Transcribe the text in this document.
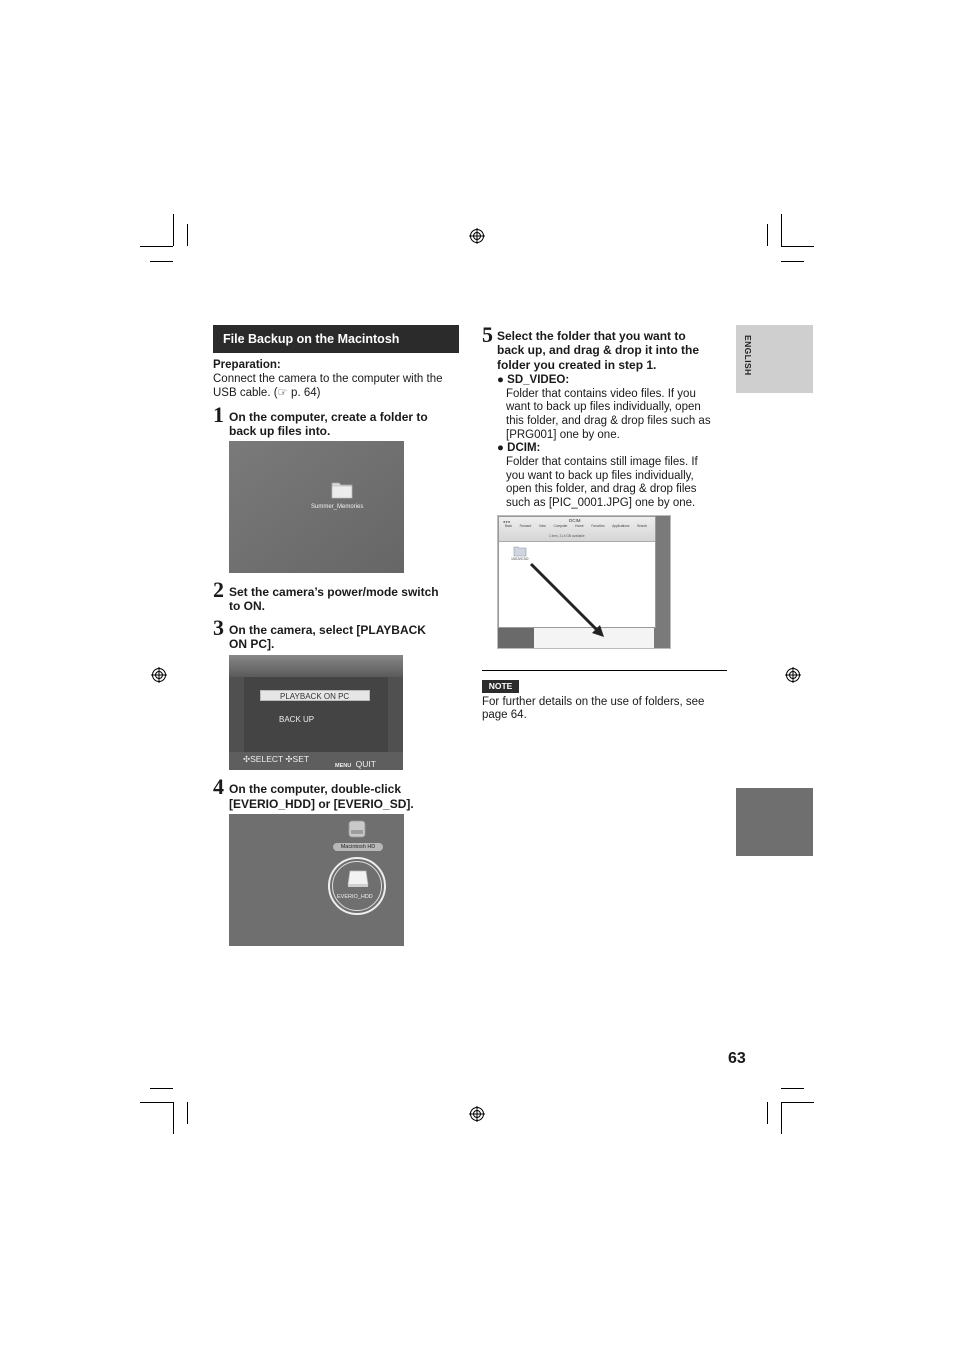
File Backup on the Macintosh
Preparation:
Connect the camera to the computer with the
USB cable. (☞ p. 64)
1 On the computer, create a folder to
back up files into.
Summer_Memories
2 Set the camera’s power/mode switch
to ON.
3 On the camera, select [PLAYBACK
ON PC].
PLAYBACK ON PC
BACK UP
✣SELECT ✣SET
MENU QUIT
4 On the computer, double-click
[EVERIO_HDD] or [EVERIO_SD].
Macintosh HD
EVERIO_HDD
5 Select the folder that you want to
back up, and drag & drop it into the
folder you created in step 1.
● SD_VIDEO:
Folder that contains video files. If you
want to back up files individually, open
this folder, and drag & drop files such as
[PRG001] one by one.
● DCIM:
Folder that contains still image files. If
you want to back up files individually,
open this folder, and drag & drop files
such as [PIC_0001.JPG] one by one.
●●●	DCIM
Back Forward View Computer Home Favorites Applications Search
1 item, 21.6 GB available
100JVCSO
NOTE
For further details on the use of folders, see
page 64.
ENGLISH
63
